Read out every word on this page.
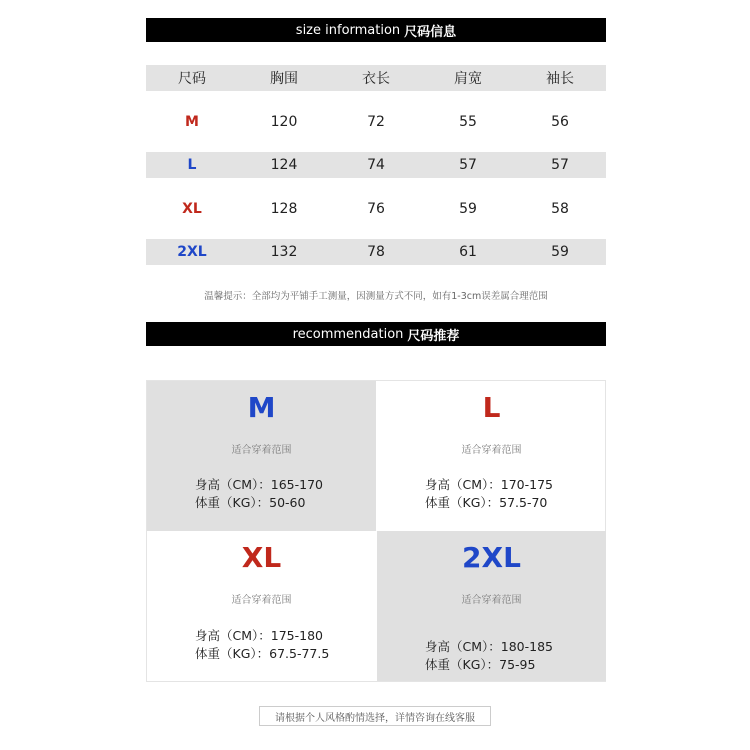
size information 尺码信息
尺码	胸围	衣长	肩宽	袖长
M	120	72	55	56
L	124	74	57	57
XL	128	76	59	58
2XL	132	78	61	59
温馨提示：全部均为平铺手工测量，因测量方式不同，如有1-3cm误差属合理范围
recommendation 尺码推荐
M
适合穿着范围
身高（CM）：165-170
体重（KG）：50-60
L
适合穿着范围
身高（CM）：170-175
体重（KG）：57.5-70
XL
适合穿着范围
身高（CM）：175-180
体重（KG）：67.5-77.5
2XL
适合穿着范围
身高（CM）：180-185
体重（KG）：75-95
请根据个人风格酌情选择，详情咨询在线客服
